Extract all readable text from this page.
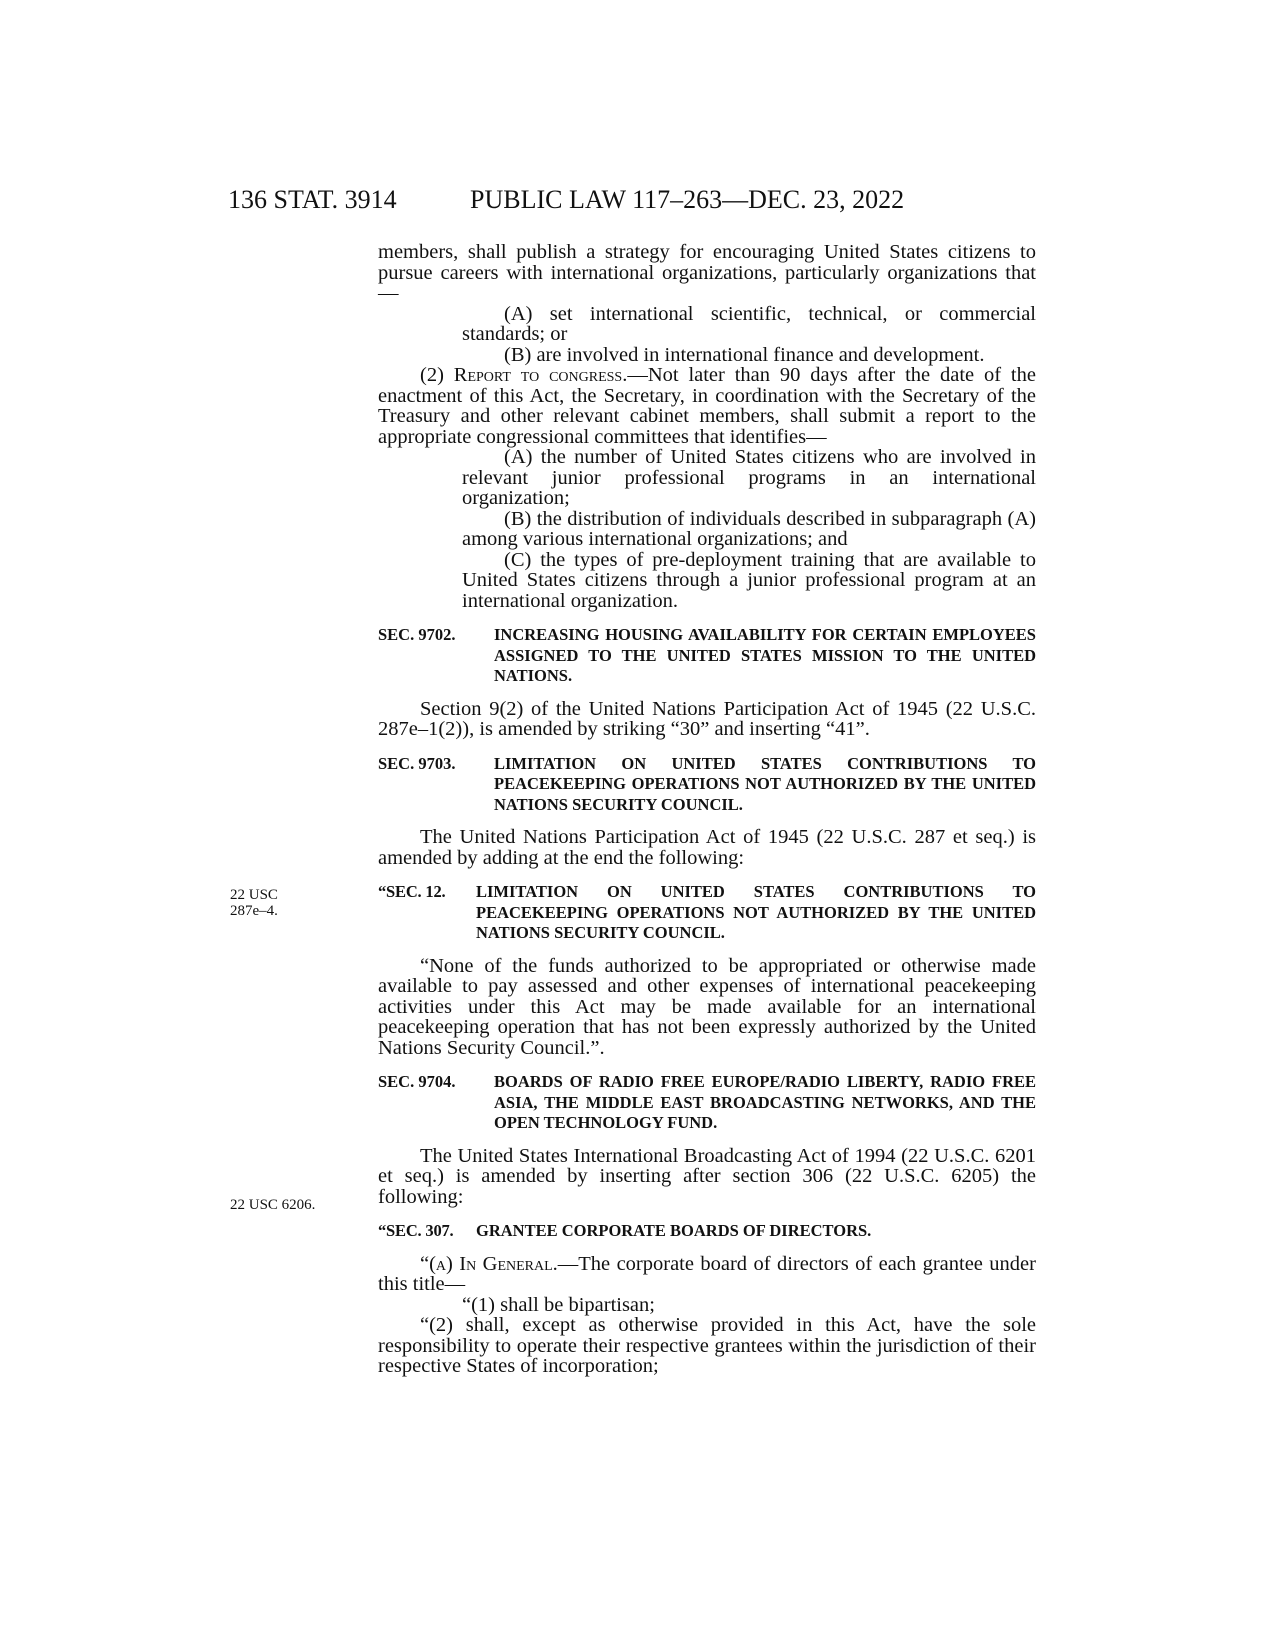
136 STAT. 3914	PUBLIC LAW 117–263—DEC. 23, 2022
22 USC 287e–4.
22 USC 6206.

members, shall publish a strategy for encouraging United States citizens to pursue careers with international organizations, particularly organizations that—

(A) set international scientific, technical, or commercial standards; or

(B) are involved in international finance and development.

(2) Report to congress.—Not later than 90 days after the date of the enactment of this Act, the Secretary, in coordination with the Secretary of the Treasury and other relevant cabinet members, shall submit a report to the appropriate congressional committees that identifies—

(A) the number of United States citizens who are involved in relevant junior professional programs in an international organization;

(B) the distribution of individuals described in subparagraph (A) among various international organizations; and

(C) the types of pre-deployment training that are available to United States citizens through a junior professional program at an international organization.

SEC. 9702. INCREASING HOUSING AVAILABILITY FOR CERTAIN EMPLOYEES ASSIGNED TO THE UNITED STATES MISSION TO THE UNITED NATIONS.

Section 9(2) of the United Nations Participation Act of 1945 (22 U.S.C. 287e–1(2)), is amended by striking “30” and inserting “41”.

SEC. 9703. LIMITATION ON UNITED STATES CONTRIBUTIONS TO PEACEKEEPING OPERATIONS NOT AUTHORIZED BY THE UNITED NATIONS SECURITY COUNCIL.

The United Nations Participation Act of 1945 (22 U.S.C. 287 et seq.) is amended by adding at the end the following:

“SEC. 12. LIMITATION ON UNITED STATES CONTRIBUTIONS TO PEACEKEEPING OPERATIONS NOT AUTHORIZED BY THE UNITED NATIONS SECURITY COUNCIL.

“None of the funds authorized to be appropriated or otherwise made available to pay assessed and other expenses of international peacekeeping activities under this Act may be made available for an international peacekeeping operation that has not been expressly authorized by the United Nations Security Council.”.

SEC. 9704. BOARDS OF RADIO FREE EUROPE/RADIO LIBERTY, RADIO FREE ASIA, THE MIDDLE EAST BROADCASTING NETWORKS, AND THE OPEN TECHNOLOGY FUND.

The United States International Broadcasting Act of 1994 (22 U.S.C. 6201 et seq.) is amended by inserting after section 306 (22 U.S.C. 6205) the following:

“SEC. 307. GRANTEE CORPORATE BOARDS OF DIRECTORS.

“(a) In General.—The corporate board of directors of each grantee under this title—

“(1) shall be bipartisan;

“(2) shall, except as otherwise provided in this Act, have the sole responsibility to operate their respective grantees within the jurisdiction of their respective States of incorporation;
